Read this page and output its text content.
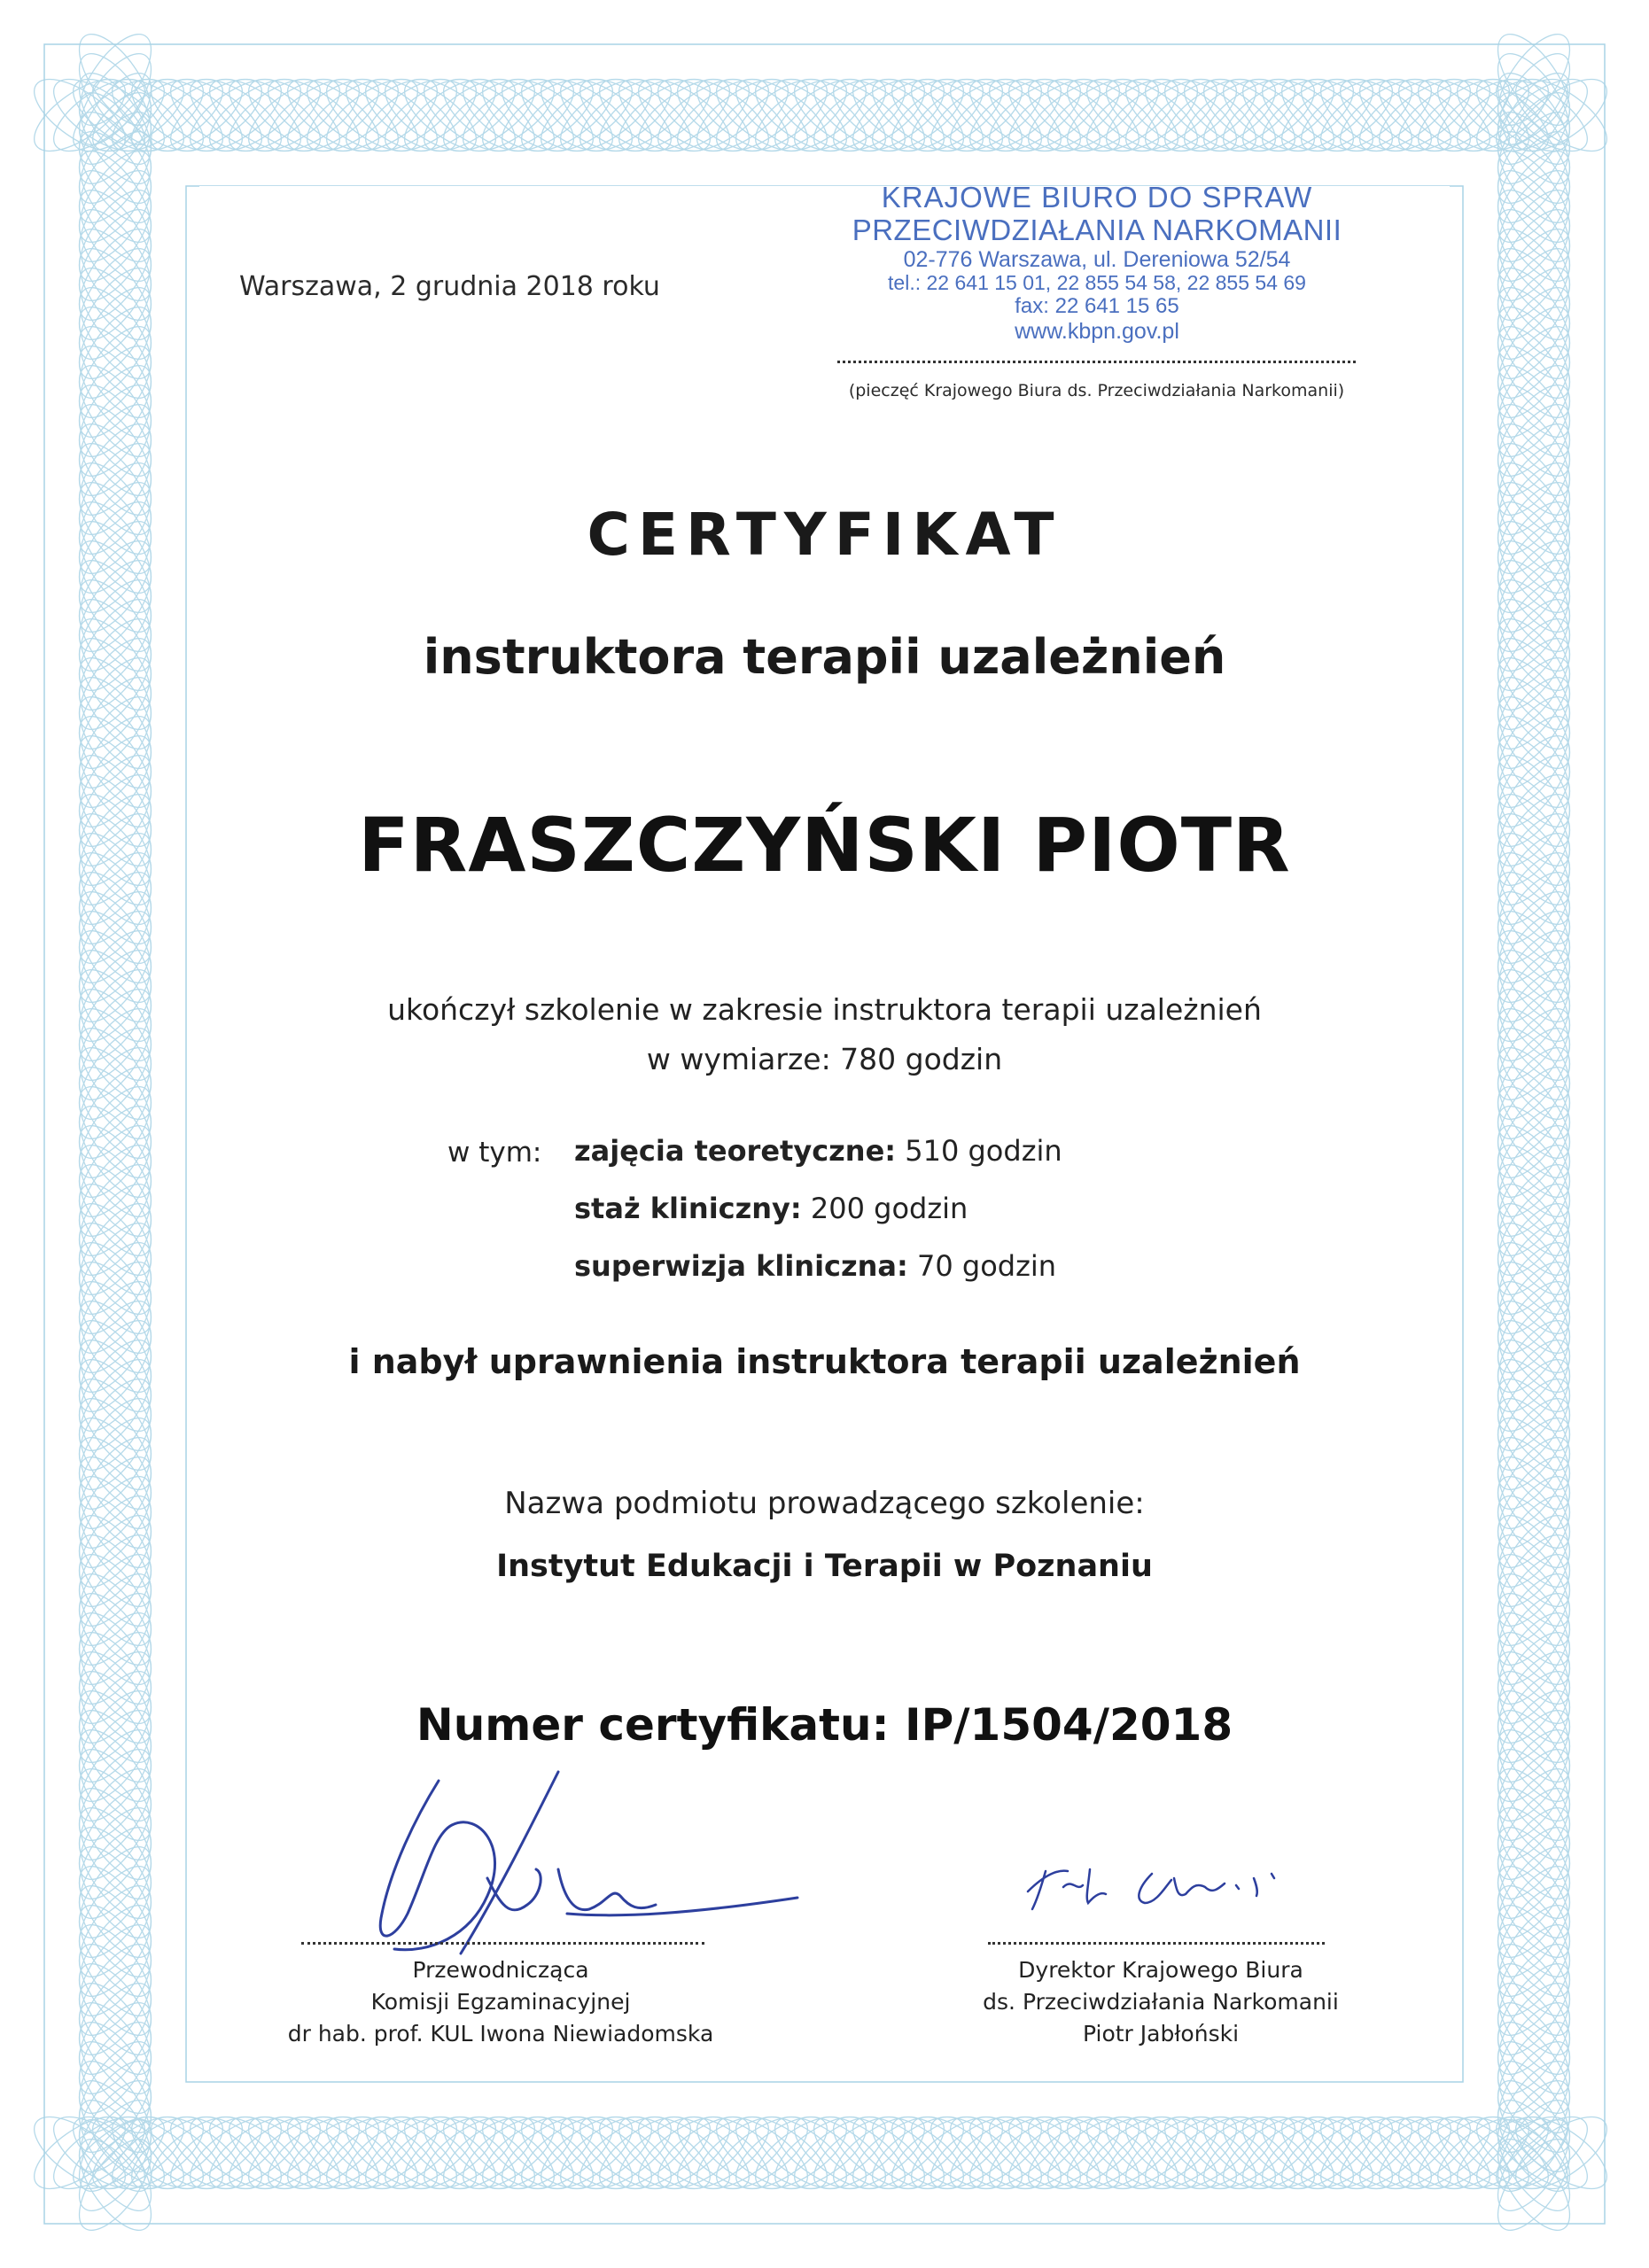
Warszawa, 2 grudnia 2018 roku
KRAJOWE BIURO DO SPRAW
PRZECIWDZIAŁANIA NARKOMANII
02-776 Warszawa, ul. Dereniowa 52/54
tel.: 22 641 15 01, 22 855 54 58, 22 855 54 69
fax: 22 641 15 65
www.kbpn.gov.pl
(pieczęć Krajowego Biura ds. Przeciwdziałania Narkomanii)
CERTYFIKAT
instruktora terapii uzależnień
FRASZCZYŃSKI PIOTR
ukończył szkolenie w zakresie instruktora terapii uzależnień
w wymiarze: 780 godzin
w tym: zajęcia teoretyczne: 510 godzin
staż kliniczny: 200 godzin
superwizja kliniczna: 70 godzin
i nabył uprawnienia instruktora terapii uzależnień
Nazwa podmiotu prowadzącego szkolenie:
Instytut Edukacji i Terapii w Poznaniu
Numer certyfikatu: IP/1504/2018
Przewodnicząca
Komisji Egzaminacyjnej
dr hab. prof. KUL Iwona Niewiadomska
Dyrektor Krajowego Biura
ds. Przeciwdziałania Narkomanii
Piotr Jabłoński
